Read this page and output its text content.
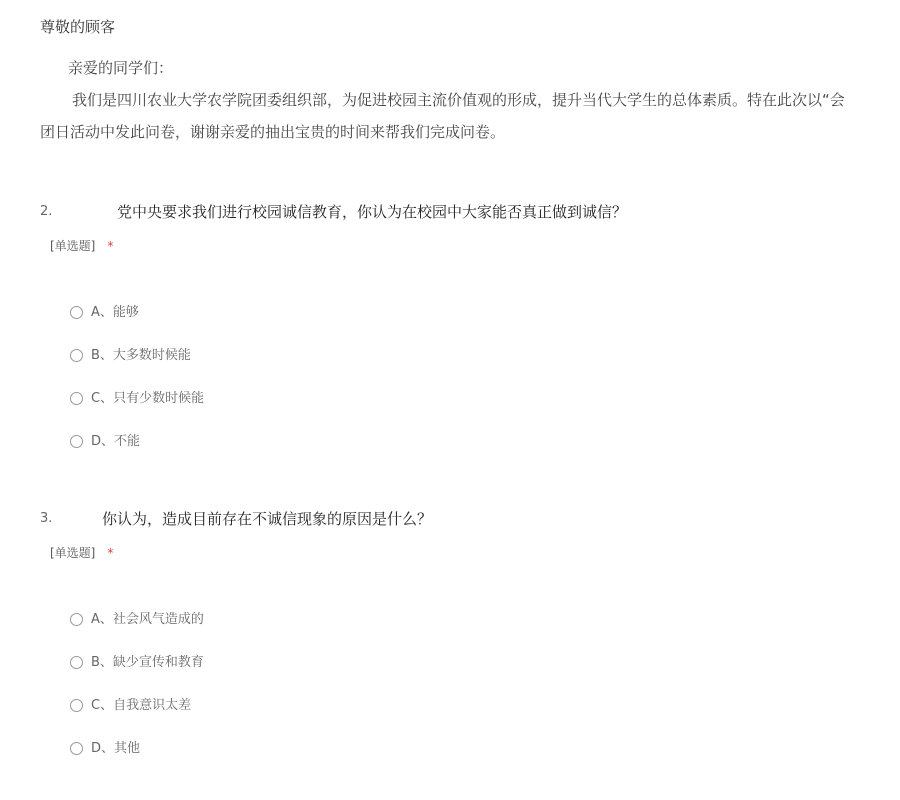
尊敬的顾客

亲爱的同学们：

我们是四川农业大学农学院团委组织部，为促进校园主流价值观的形成，提升当代大学生的总体素质。特在此次以“会

团日活动中发此问卷，谢谢亲爱的抽出宝贵的时间来帮我们完成问卷。

2.	党中央要求我们进行校园诚信教育，你认为在校园中大家能否真正做到诚信？
[单选题] *
A、能够
B、大多数时候能
C、只有少数时候能
D、不能
3.	你认为，造成目前存在不诚信现象的原因是什么？
[单选题] *
A、社会风气造成的
B、缺少宣传和教育
C、自我意识太差
D、其他
